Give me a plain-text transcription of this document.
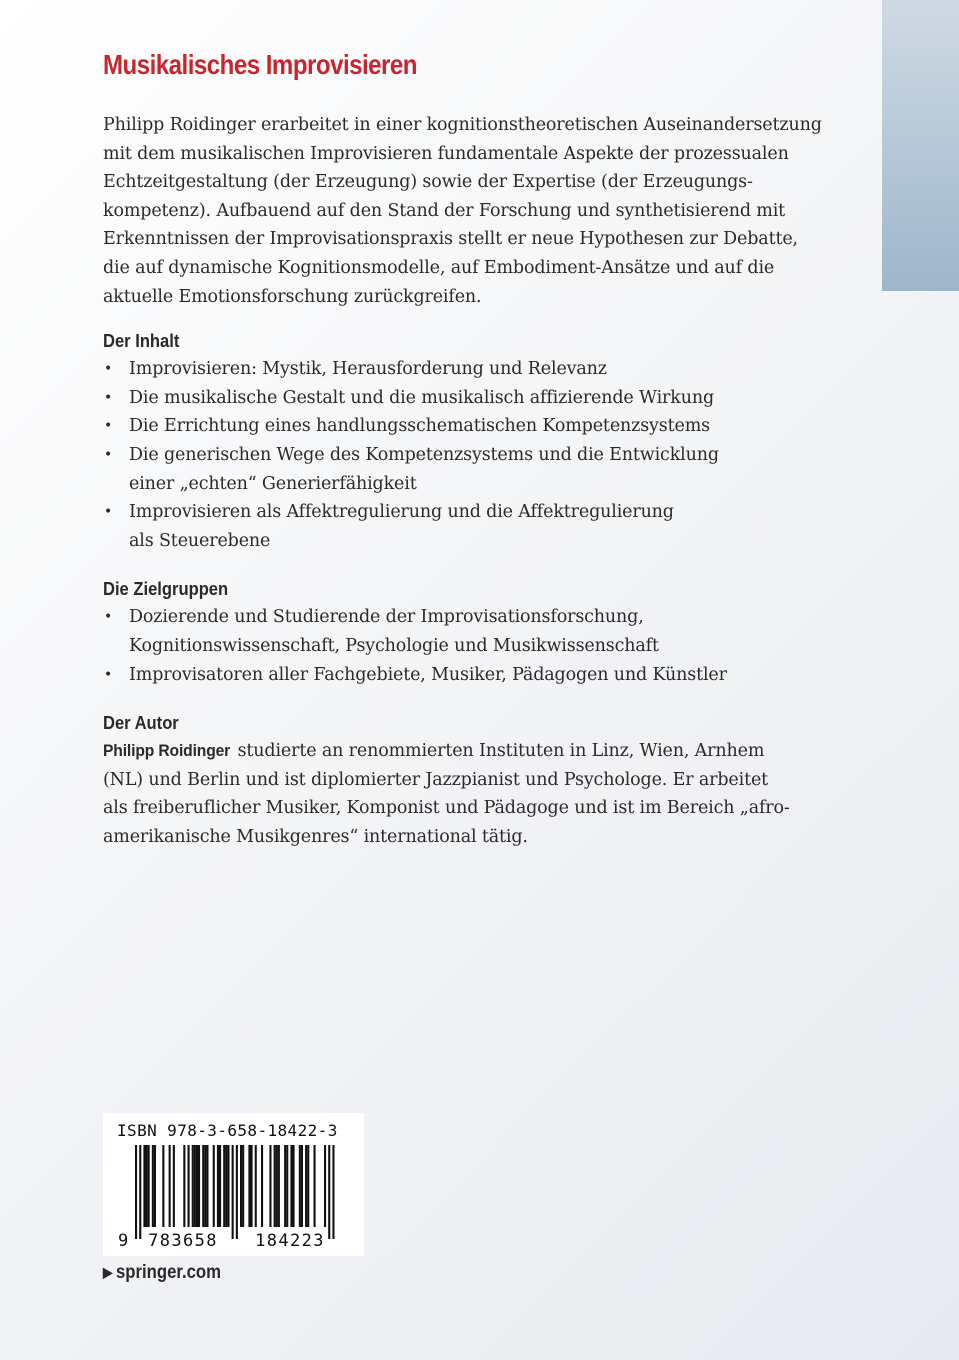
Musikalisches Improvisieren

Philipp Roidinger erarbeitet in einer kognitionstheoretischen Auseinandersetzung
mit dem musikalischen Improvisieren fundamentale Aspekte der prozessualen
Echtzeitgestaltung (der Erzeugung) sowie der Expertise (der Erzeugungs-
kompetenz). Aufbauend auf den Stand der Forschung und synthetisierend mit
Erkenntnissen der Improvisationspraxis stellt er neue Hypothesen zur Debatte,
die auf dynamische Kognitionsmodelle, auf Embodiment-Ansätze und auf die
aktuelle Emotionsforschung zurückgreifen.

Der Inhalt
• Improvisieren: Mystik, Herausforderung und Relevanz
• Die musikalische Gestalt und die musikalisch affizierende Wirkung
• Die Errichtung eines handlungsschematischen Kompetenzsystems
• Die generischen Wege des Kompetenzsystems und die Entwicklung
einer „echten“ Generierfähigkeit
• Improvisieren als Affektregulierung und die Affektregulierung
als Steuerebene
Die Zielgruppen
• Dozierende und Studierende der Improvisationsforschung,
Kognitionswissenschaft, Psychologie und Musikwissenschaft
• Improvisatoren aller Fachgebiete, Musiker, Pädagogen und Künstler
Der Autor

Philipp Roidinger studierte an renommierten Instituten in Linz, Wien, Arnhem
(NL) und Berlin und ist diplomierter Jazzpianist und Psychologe. Er arbeitet
als freiberuflicher Musiker, Komponist und Pädagoge und ist im Bereich „afro-
amerikanische Musikgenres“ international tätig.

ISBN 978-3-658-18422-3
9 783658 184223
▶ springer.com
